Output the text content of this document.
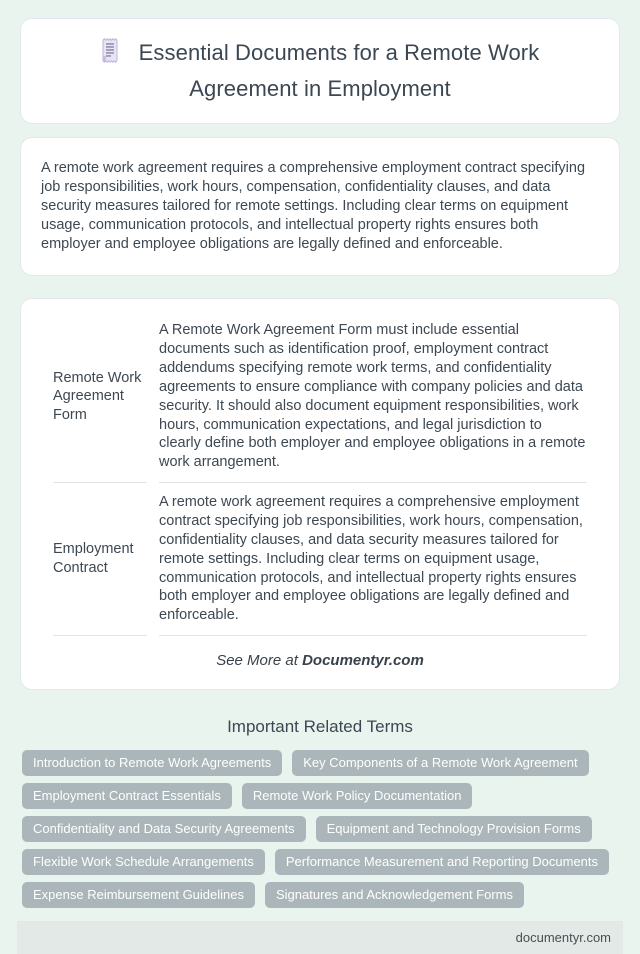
Essential Documents for a Remote Work Agreement in Employment

A remote work agreement requires a comprehensive employment contract specifying job responsibilities, work hours, compensation, confidentiality clauses, and data security measures tailored for remote settings. Including clear terms on equipment usage, communication protocols, and intellectual property rights ensures both employer and employee obligations are legally defined and enforceable.

Remote Work Agreement Form	A Remote Work Agreement Form must include essential documents such as identification proof, employment contract addendums specifying remote work terms, and confidentiality agreements to ensure compliance with company policies and data security. It should also document equipment responsibilities, work hours, communication expectations, and legal jurisdiction to clearly define both employer and employee obligations in a remote work arrangement.
Employment Contract	A remote work agreement requires a comprehensive employment contract specifying job responsibilities, work hours, compensation, confidentiality clauses, and data security measures tailored for remote settings. Including clear terms on equipment usage, communication protocols, and intellectual property rights ensures both employer and employee obligations are legally defined and enforceable.

See More at Documentyr.com

Important Related Terms
Introduction to Remote Work Agreements	Key Components of a Remote Work Agreement
Employment Contract Essentials	Remote Work Policy Documentation
Confidentiality and Data Security Agreements	Equipment and Technology Provision Forms
Flexible Work Schedule Arrangements	Performance Measurement and Reporting Documents
Expense Reimbursement Guidelines	Signatures and Acknowledgement Forms
documentyr.com
